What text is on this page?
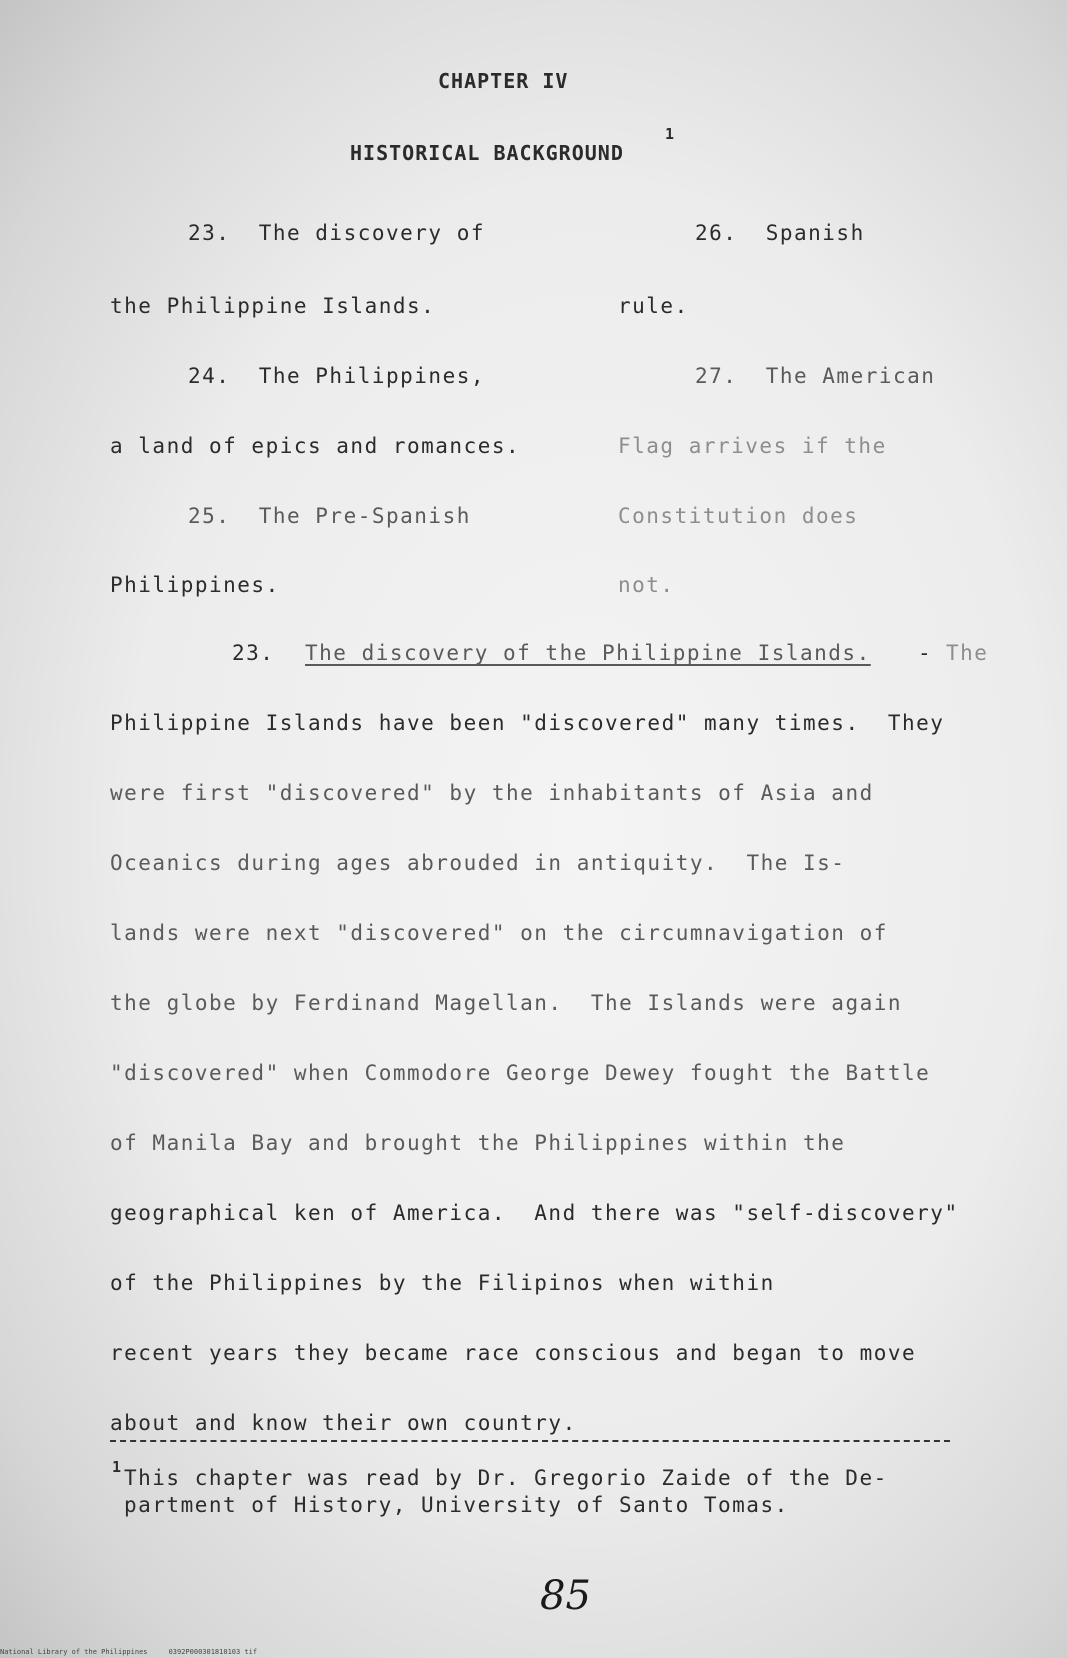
CHAPTER IV
HISTORICAL BACKGROUND
1
23.  The discovery of
the Philippine Islands.
24.  The Philippines,
a land of epics and romances.
25.  The Pre-Spanish
Philippines.
26.  Spanish
rule.
27.  The American
Flag arrives if the
Constitution does
not.
23. The discovery of the Philippine Islands. - The
Philippine Islands have been "discovered" many times.  They
were first "discovered" by the inhabitants of Asia and
Oceanics during ages abrouded in antiquity.  The Is-
lands were next "discovered" on the circumnavigation of
the globe by Ferdinand Magellan.  The Islands were again
"discovered" when Commodore George Dewey fought the Battle
of Manila Bay and brought the Philippines within the
geographical ken of America.  And there was "self-discovery"
of the Philippines by the Filipinos when within
recent years they became race conscious and began to move
about and know their own country.
1 This chapter was read by Dr. Gregorio Zaide of the De-
partment of History, University of Santo Tomas.
85
National Library of the Philippines     0392P000301810103 tif
